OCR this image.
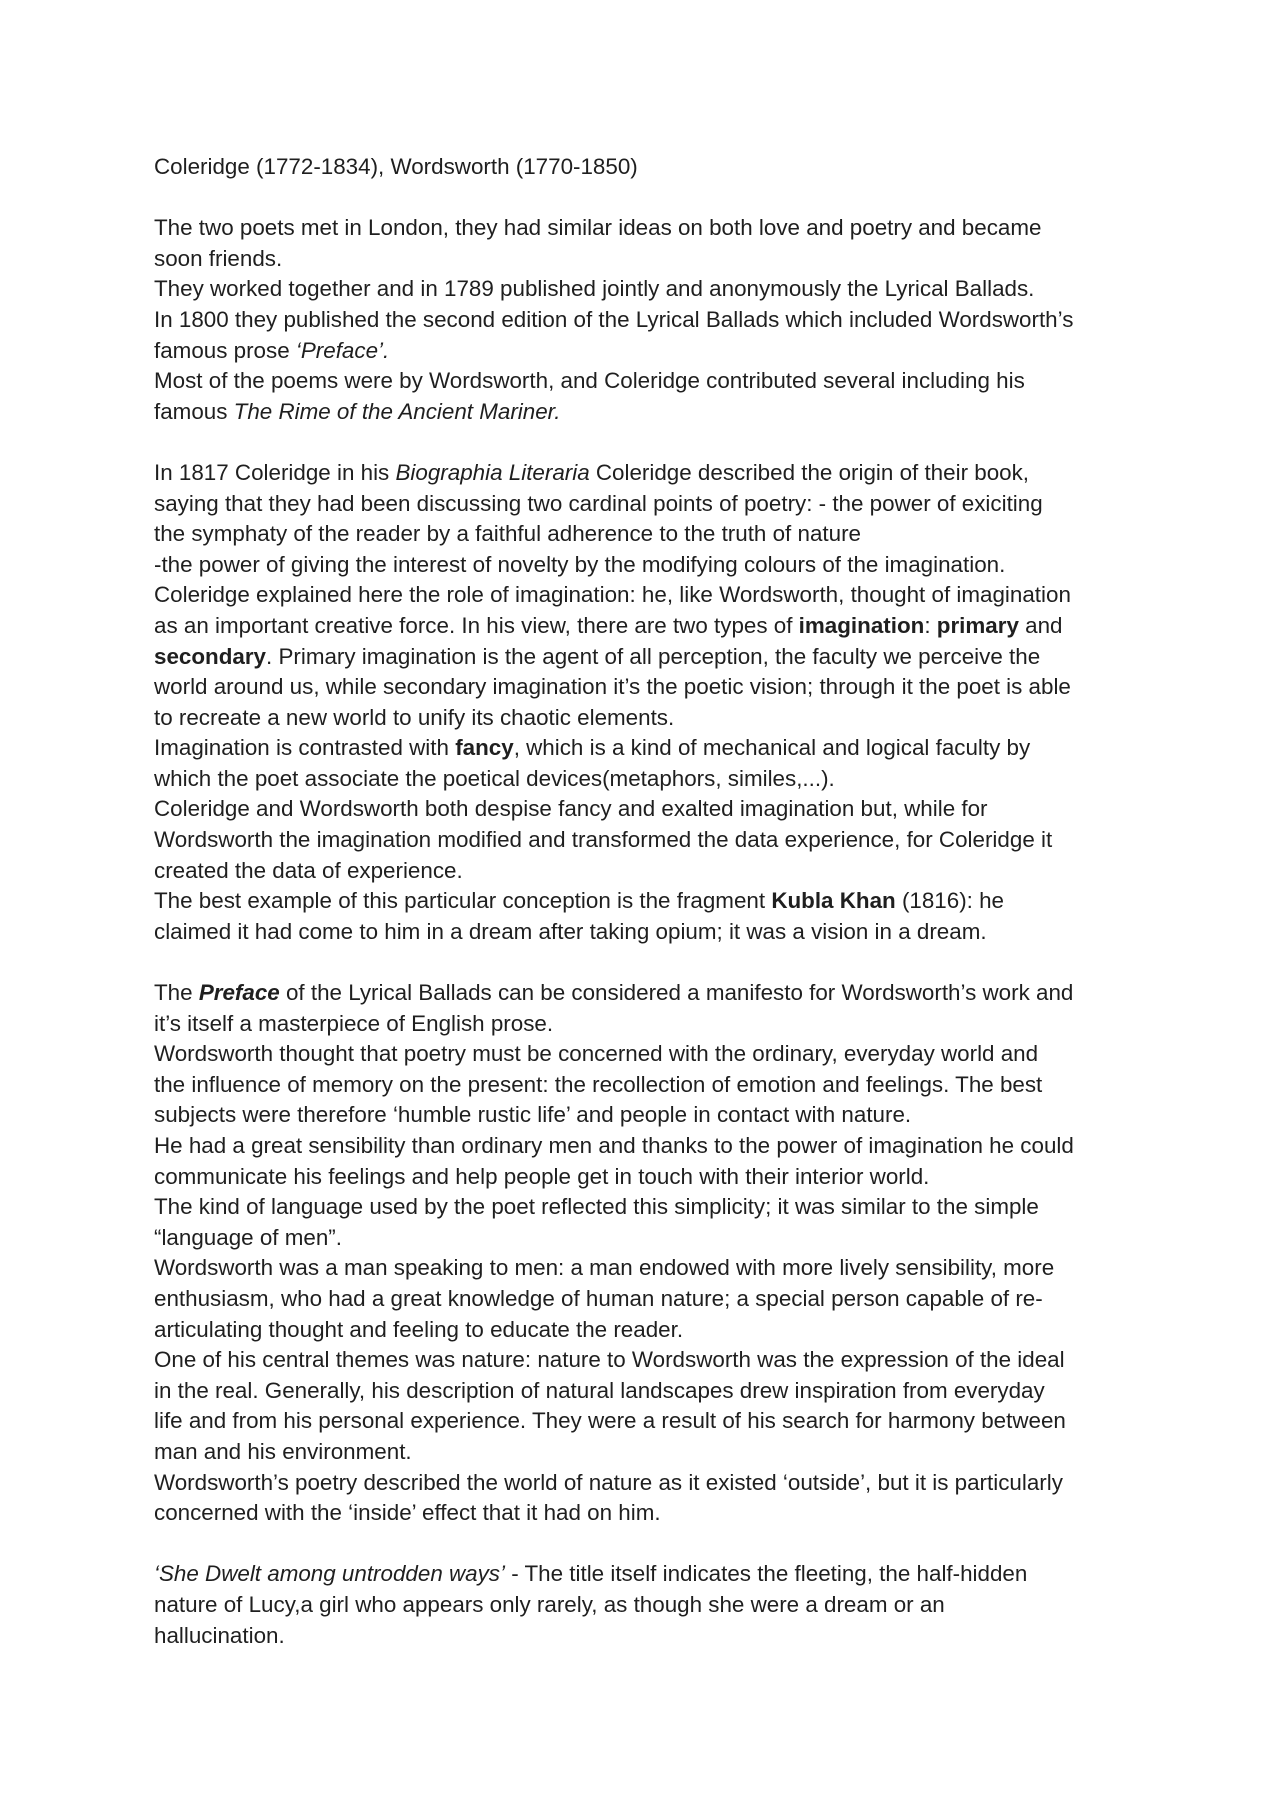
Coleridge (1772-1834), Wordsworth (1770-1850)
The two poets met in London, they had similar ideas on both love and poetry and became
soon friends.
They worked together and in 1789 published jointly and anonymously the Lyrical Ballads.
In 1800 they published the second edition of the Lyrical Ballads which included Wordsworth’s
famous prose ‘Preface’.
Most of the poems were by Wordsworth, and Coleridge contributed several including his
famous The Rime of the Ancient Mariner.
In 1817 Coleridge in his Biographia Literaria Coleridge described the origin of their book,
saying that they had been discussing two cardinal points of poetry: - the power of exiciting
the symphaty of the reader by a faithful adherence to the truth of nature
-the power of giving the interest of novelty by the modifying colours of the imagination.
Coleridge explained here the role of imagination: he, like Wordsworth, thought of imagination
as an important creative force. In his view, there are two types of imagination: primary and
secondary. Primary imagination is the agent of all perception, the faculty we perceive the
world around us, while secondary imagination it’s the poetic vision; through it the poet is able
to recreate a new world to unify its chaotic elements.
Imagination is contrasted with fancy, which is a kind of mechanical and logical faculty by
which the poet associate the poetical devices(metaphors, similes,...).
Coleridge and Wordsworth both despise fancy and exalted imagination but, while for
Wordsworth the imagination modified and transformed the data experience, for Coleridge it
created the data of experience.
The best example of this particular conception is the fragment Kubla Khan (1816): he
claimed it had come to him in a dream after taking opium; it was a vision in a dream.
The Preface of the Lyrical Ballads can be considered a manifesto for Wordsworth’s work and
it’s itself a masterpiece of English prose.
Wordsworth thought that poetry must be concerned with the ordinary, everyday world and
the influence of memory on the present: the recollection of emotion and feelings. The best
subjects were therefore ‘humble rustic life’ and people in contact with nature.
He had a great sensibility than ordinary men and thanks to the power of imagination he could
communicate his feelings and help people get in touch with their interior world.
The kind of language used by the poet reflected this simplicity; it was similar to the simple
“language of men”.
Wordsworth was a man speaking to men: a man endowed with more lively sensibility, more
enthusiasm, who had a great knowledge of human nature; a special person capable of re-
articulating thought and feeling to educate the reader.
One of his central themes was nature: nature to Wordsworth was the expression of the ideal
in the real. Generally, his description of natural landscapes drew inspiration from everyday
life and from his personal experience. They were a result of his search for harmony between
man and his environment.
Wordsworth’s poetry described the world of nature as it existed ‘outside’, but it is particularly
concerned with the ‘inside’ effect that it had on him.
‘She Dwelt among untrodden ways’ - The title itself indicates the fleeting, the half-hidden
nature of Lucy,a girl who appears only rarely, as though she were a dream or an
hallucination.
